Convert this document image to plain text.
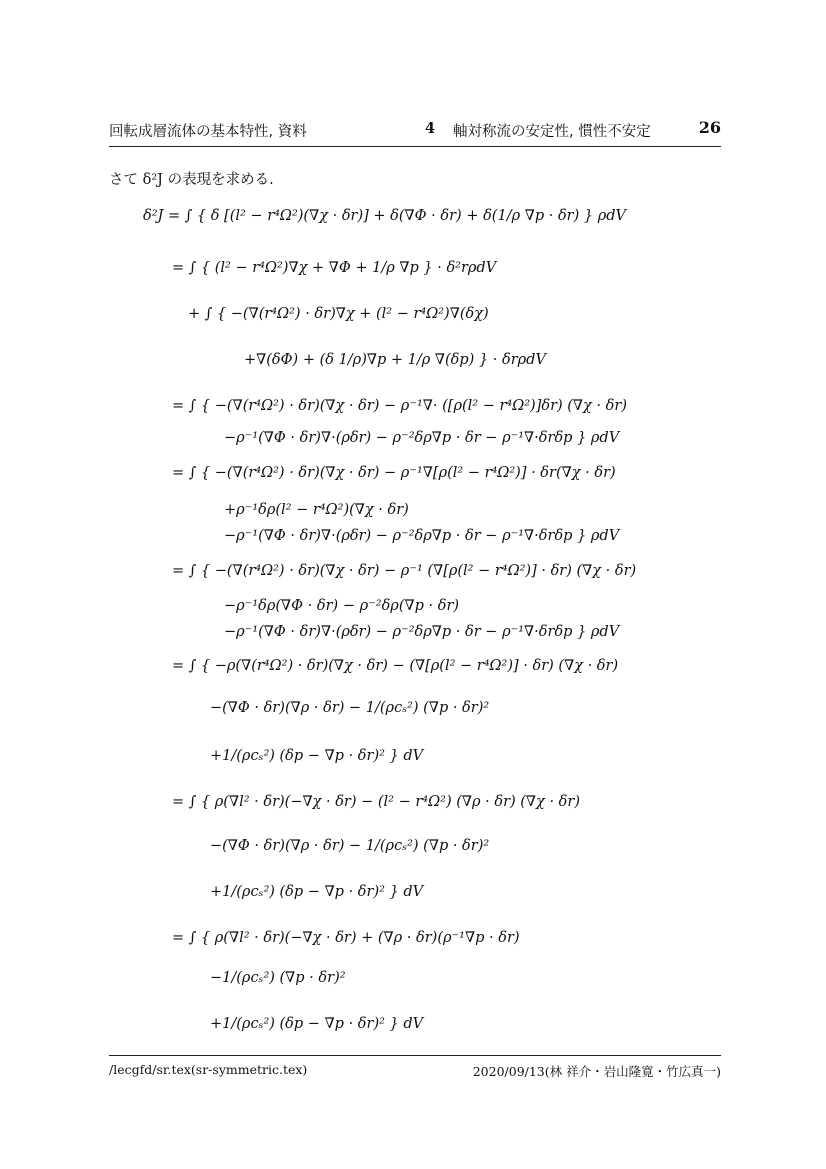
回転成層流体の基本特性, 資料	4 軸対称流の安定性, 慣性不安定	26
さて δ²J の表現を求める.
δ²J = ∫ { δ [(l² − r⁴Ω²)(∇χ · δr)] + δ(∇Φ · δr) + δ(1/ρ ∇p · δr) } ρdV
= ∫ { (l² − r⁴Ω²)∇χ + ∇Φ + 1/ρ ∇p } · δ²rρdV
+ ∫ { −(∇(r⁴Ω²) · δr)∇χ + (l² − r⁴Ω²)∇(δχ)
+∇(δΦ) + (δ 1/ρ)∇p + 1/ρ ∇(δp) } · δrρdV
= ∫ { −(∇(r⁴Ω²) · δr)(∇χ · δr) − ρ⁻¹∇· ([ρ(l² − r⁴Ω²)]δr) (∇χ · δr)
−ρ⁻¹(∇Φ · δr)∇·(ρδr) − ρ⁻²δρ∇p · δr − ρ⁻¹∇·δrδp } ρdV
= ∫ { −(∇(r⁴Ω²) · δr)(∇χ · δr) − ρ⁻¹∇[ρ(l² − r⁴Ω²)] · δr(∇χ · δr)
+ρ⁻¹δρ(l² − r⁴Ω²)(∇χ · δr)
−ρ⁻¹(∇Φ · δr)∇·(ρδr) − ρ⁻²δρ∇p · δr − ρ⁻¹∇·δrδp } ρdV
= ∫ { −(∇(r⁴Ω²) · δr)(∇χ · δr) − ρ⁻¹ (∇[ρ(l² − r⁴Ω²)] · δr) (∇χ · δr)
−ρ⁻¹δρ(∇Φ · δr) − ρ⁻²δρ(∇p · δr)
−ρ⁻¹(∇Φ · δr)∇·(ρδr) − ρ⁻²δρ∇p · δr − ρ⁻¹∇·δrδp } ρdV
= ∫ { −ρ(∇(r⁴Ω²) · δr)(∇χ · δr) − (∇[ρ(l² − r⁴Ω²)] · δr) (∇χ · δr)
−(∇Φ · δr)(∇ρ · δr) − 1/(ρcₛ²) (∇p · δr)²
+1/(ρcₛ²) (δp − ∇p · δr)² } dV
= ∫ { ρ(∇l² · δr)(−∇χ · δr) − (l² − r⁴Ω²) (∇ρ · δr) (∇χ · δr)
−(∇Φ · δr)(∇ρ · δr) − 1/(ρcₛ²) (∇p · δr)²
+1/(ρcₛ²) (δp − ∇p · δr)² } dV
= ∫ { ρ(∇l² · δr)(−∇χ · δr) + (∇ρ · δr)(ρ⁻¹∇p · δr)
−1/(ρcₛ²) (∇p · δr)²
+1/(ρcₛ²) (δp − ∇p · δr)² } dV
/lecgfd/sr.tex(sr-symmetric.tex)	2020/09/13(林 祥介・岩山隆寛・竹広真一)
